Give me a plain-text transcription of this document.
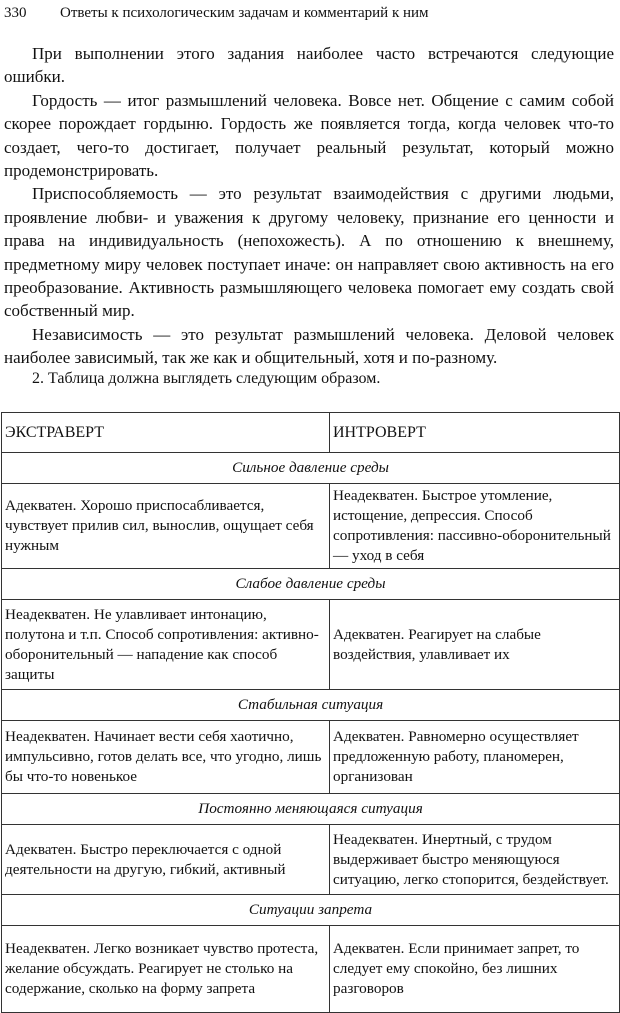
330 Ответы к психологическим задачам и комментарий к ним

При выполнении этого задания наиболее часто встречаются следующие ошибки.

Гордость — итог размышлений человека. Вовсе нет. Общение с самим собой скорее порождает гордыню. Гордость же появляется тогда, когда человек что-то создает, чего-то достигает, получает реальный результат, который можно продемонстрировать.

Приспособляемость — это результат взаимодействия с другими людьми, проявление любви- и уважения к другому человеку, признание его ценности и права на индивидуальность (непохожесть). А по отношению к внешнему, предметному миру человек поступает иначе: он направляет свою активность на его преобразование. Активность размышляющего человека помогает ему создать свой собственный мир.

Независимость — это результат размышлений человека. Деловой человек наиболее зависимый, так же как и общительный, хотя и по-разному.

2. Таблица должна выглядеть следующим образом.
ЭКСТРАВЕРТ	ИНТРОВЕРТ
Сильное давление среды	
Адекватен. Хорошо приспосабливается, чувствует прилив сил, вынослив, ощущает себя нужным	Неадекватен. Быстрое утомление, истощение, депрессия. Способ сопротивления: пассивно-оборонительный — уход в себя
Слабое давление среды	
Неадекватен. Не улавливает интонацию, полутона и т.п. Способ сопротивления: активно-оборонительный — нападение как способ защиты	Адекватен. Реагирует на слабые воздействия, улавливает их
Стабильная ситуация	
Неадекватен. Начинает вести себя хаотично, импульсивно, готов делать все, что угодно, лишь бы что-то новенькое	Адекватен. Равномерно осуществляет предложенную работу, планомерен, организован
Постоянно меняющаяся ситуация	
Адекватен. Быстро переключается с одной деятельности на другую, гибкий, активный	Неадекватен. Инертный, с трудом выдерживает быстро меняющуюся ситуацию, легко стопорится, бездействует.
Ситуации запрета	
Неадекватен. Легко возникает чувство протеста, желание обсуждать. Реагирует не столько на содержание, сколько на форму запрета	Адекватен. Если принимает запрет, то следует ему спокойно, без лишних разговоров
